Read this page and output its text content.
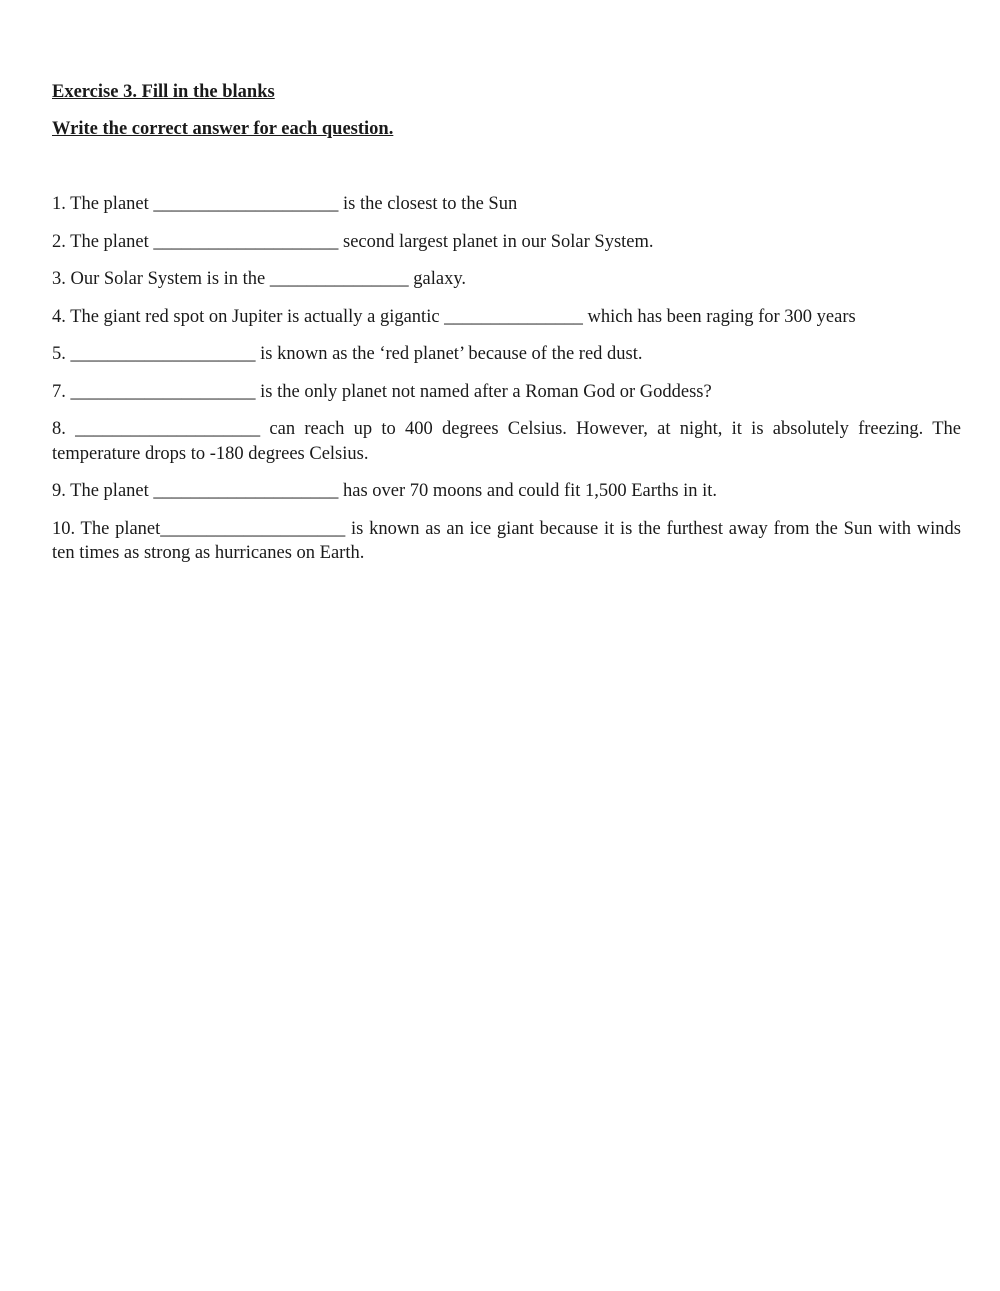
Exercise 3. Fill in the blanks

Write the correct answer for each question.

1. The planet ____________________ is the closest to the Sun

2. The planet ____________________ second largest planet in our Solar System.

3. Our Solar System is in the _______________ galaxy.

4. The giant red spot on Jupiter is actually a gigantic _______________ which has been raging for 300 years

5. ____________________ is known as the ‘red planet’ because of the red dust.

7. ____________________ is the only planet not named after a Roman God or Goddess?

8. ____________________ can reach up to 400 degrees Celsius. However, at night, it is absolutely freezing. The temperature drops to -180 degrees Celsius.

9. The planet ____________________ has over 70 moons and could fit 1,500 Earths in it.

10. The planet____________________ is known as an ice giant because it is the furthest away from the Sun with winds ten times as strong as hurricanes on Earth.
